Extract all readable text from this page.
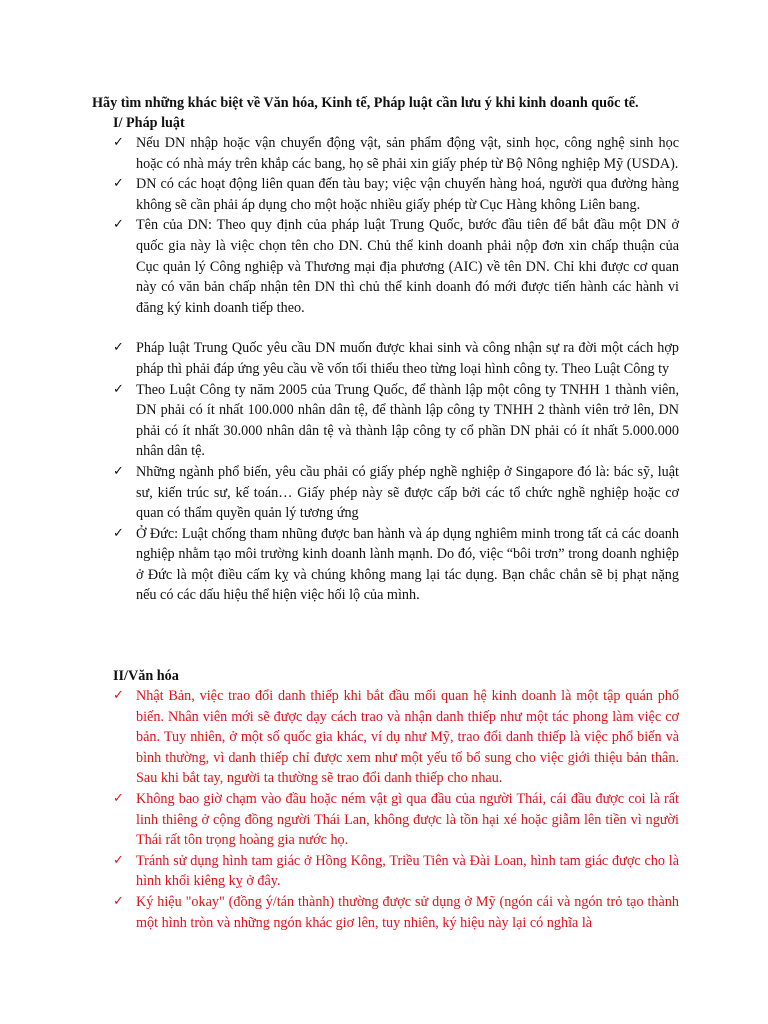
Hãy tìm những khác biệt về Văn hóa, Kinh tế, Pháp luật cần lưu ý khi kinh doanh quốc tế.
I/ Pháp luật
✓ Nếu DN nhập hoặc vận chuyển động vật, sản phẩm động vật, sinh học, công nghệ sinh học hoặc có nhà máy trên khắp các bang, họ sẽ phải xin giấy phép từ Bộ Nông nghiệp Mỹ (USDA).
✓ DN có các hoạt động liên quan đến tàu bay; việc vận chuyển hàng hoá, người qua đường hàng không sẽ cần phải áp dụng cho một hoặc nhiều giấy phép từ Cục Hàng không Liên bang.
✓ Tên của DN: Theo quy định của pháp luật Trung Quốc, bước đầu tiên để bắt đầu một DN ở quốc gia này là việc chọn tên cho DN. Chủ thể kinh doanh phải nộp đơn xin chấp thuận của Cục quản lý Công nghiệp và Thương mại địa phương (AIC) về tên DN. Chỉ khi được cơ quan này có văn bản chấp nhận tên DN thì chủ thể kinh doanh đó mới được tiến hành các hành vi đăng ký kinh doanh tiếp theo.
✓ Pháp luật Trung Quốc yêu cầu DN muốn được khai sinh và công nhận sự ra đời một cách hợp pháp thì phải đáp ứng yêu cầu về vốn tối thiểu theo từng loại hình công ty. Theo Luật Công ty
✓ Theo Luật Công ty năm 2005 của Trung Quốc, để thành lập một công ty TNHH 1 thành viên, DN phải có ít nhất 100.000 nhân dân tệ, để thành lập công ty TNHH 2 thành viên trở lên, DN phải có ít nhất 30.000 nhân dân tệ và thành lập công ty cổ phần DN phải có ít nhất 5.000.000 nhân dân tệ.
✓ Những ngành phổ biến, yêu cầu phải có giấy phép nghề nghiệp ở Singapore đó là: bác sỹ, luật sư, kiến trúc sư, kế toán… Giấy phép này sẽ được cấp bởi các tổ chức nghề nghiệp hoặc cơ quan có thẩm quyền quản lý tương ứng
✓ Ở Đức: Luật chống tham nhũng được ban hành và áp dụng nghiêm minh trong tất cả các doanh nghiệp nhằm tạo môi trường kinh doanh lành mạnh. Do đó, việc “bôi trơn” trong doanh nghiệp ở Đức là một điều cấm kỵ và chúng không mang lại tác dụng. Bạn chắc chắn sẽ bị phạt nặng nếu có các dấu hiệu thể hiện việc hối lộ của mình.
II/Văn hóa
✓ Nhật Bản, việc trao đổi danh thiếp khi bắt đầu mối quan hệ kinh doanh là một tập quán phổ biến. Nhân viên mới sẽ được dạy cách trao và nhận danh thiếp như một tác phong làm việc cơ bản. Tuy nhiên, ở một số quốc gia khác, ví dụ như Mỹ, trao đổi danh thiếp là việc phổ biến và bình thường, vì danh thiếp chỉ được xem như một yếu tố bổ sung cho việc giới thiệu bản thân. Sau khi bắt tay, người ta thường sẽ trao đổi danh thiếp cho nhau.
✓ Không bao giờ chạm vào đầu hoặc ném vật gì qua đầu của người Thái, cái đầu được coi là rất linh thiêng ở cộng đồng người Thái Lan, không được là tồn hại xé hoặc giẫm lên tiền vì người Thái rất tôn trọng hoàng gia nước họ.
✓ Tránh sử dụng hình tam giác ở Hồng Kông, Triều Tiên và Đài Loan, hình tam giác được cho là hình khối kiêng kỵ ở đây.
✓ Ký hiệu "okay" (đồng ý/tán thành) thường được sử dụng ở Mỹ (ngón cái và ngón trỏ tạo thành một hình tròn và những ngón khác giơ lên, tuy nhiên, ký hiệu này lại có nghĩa là
